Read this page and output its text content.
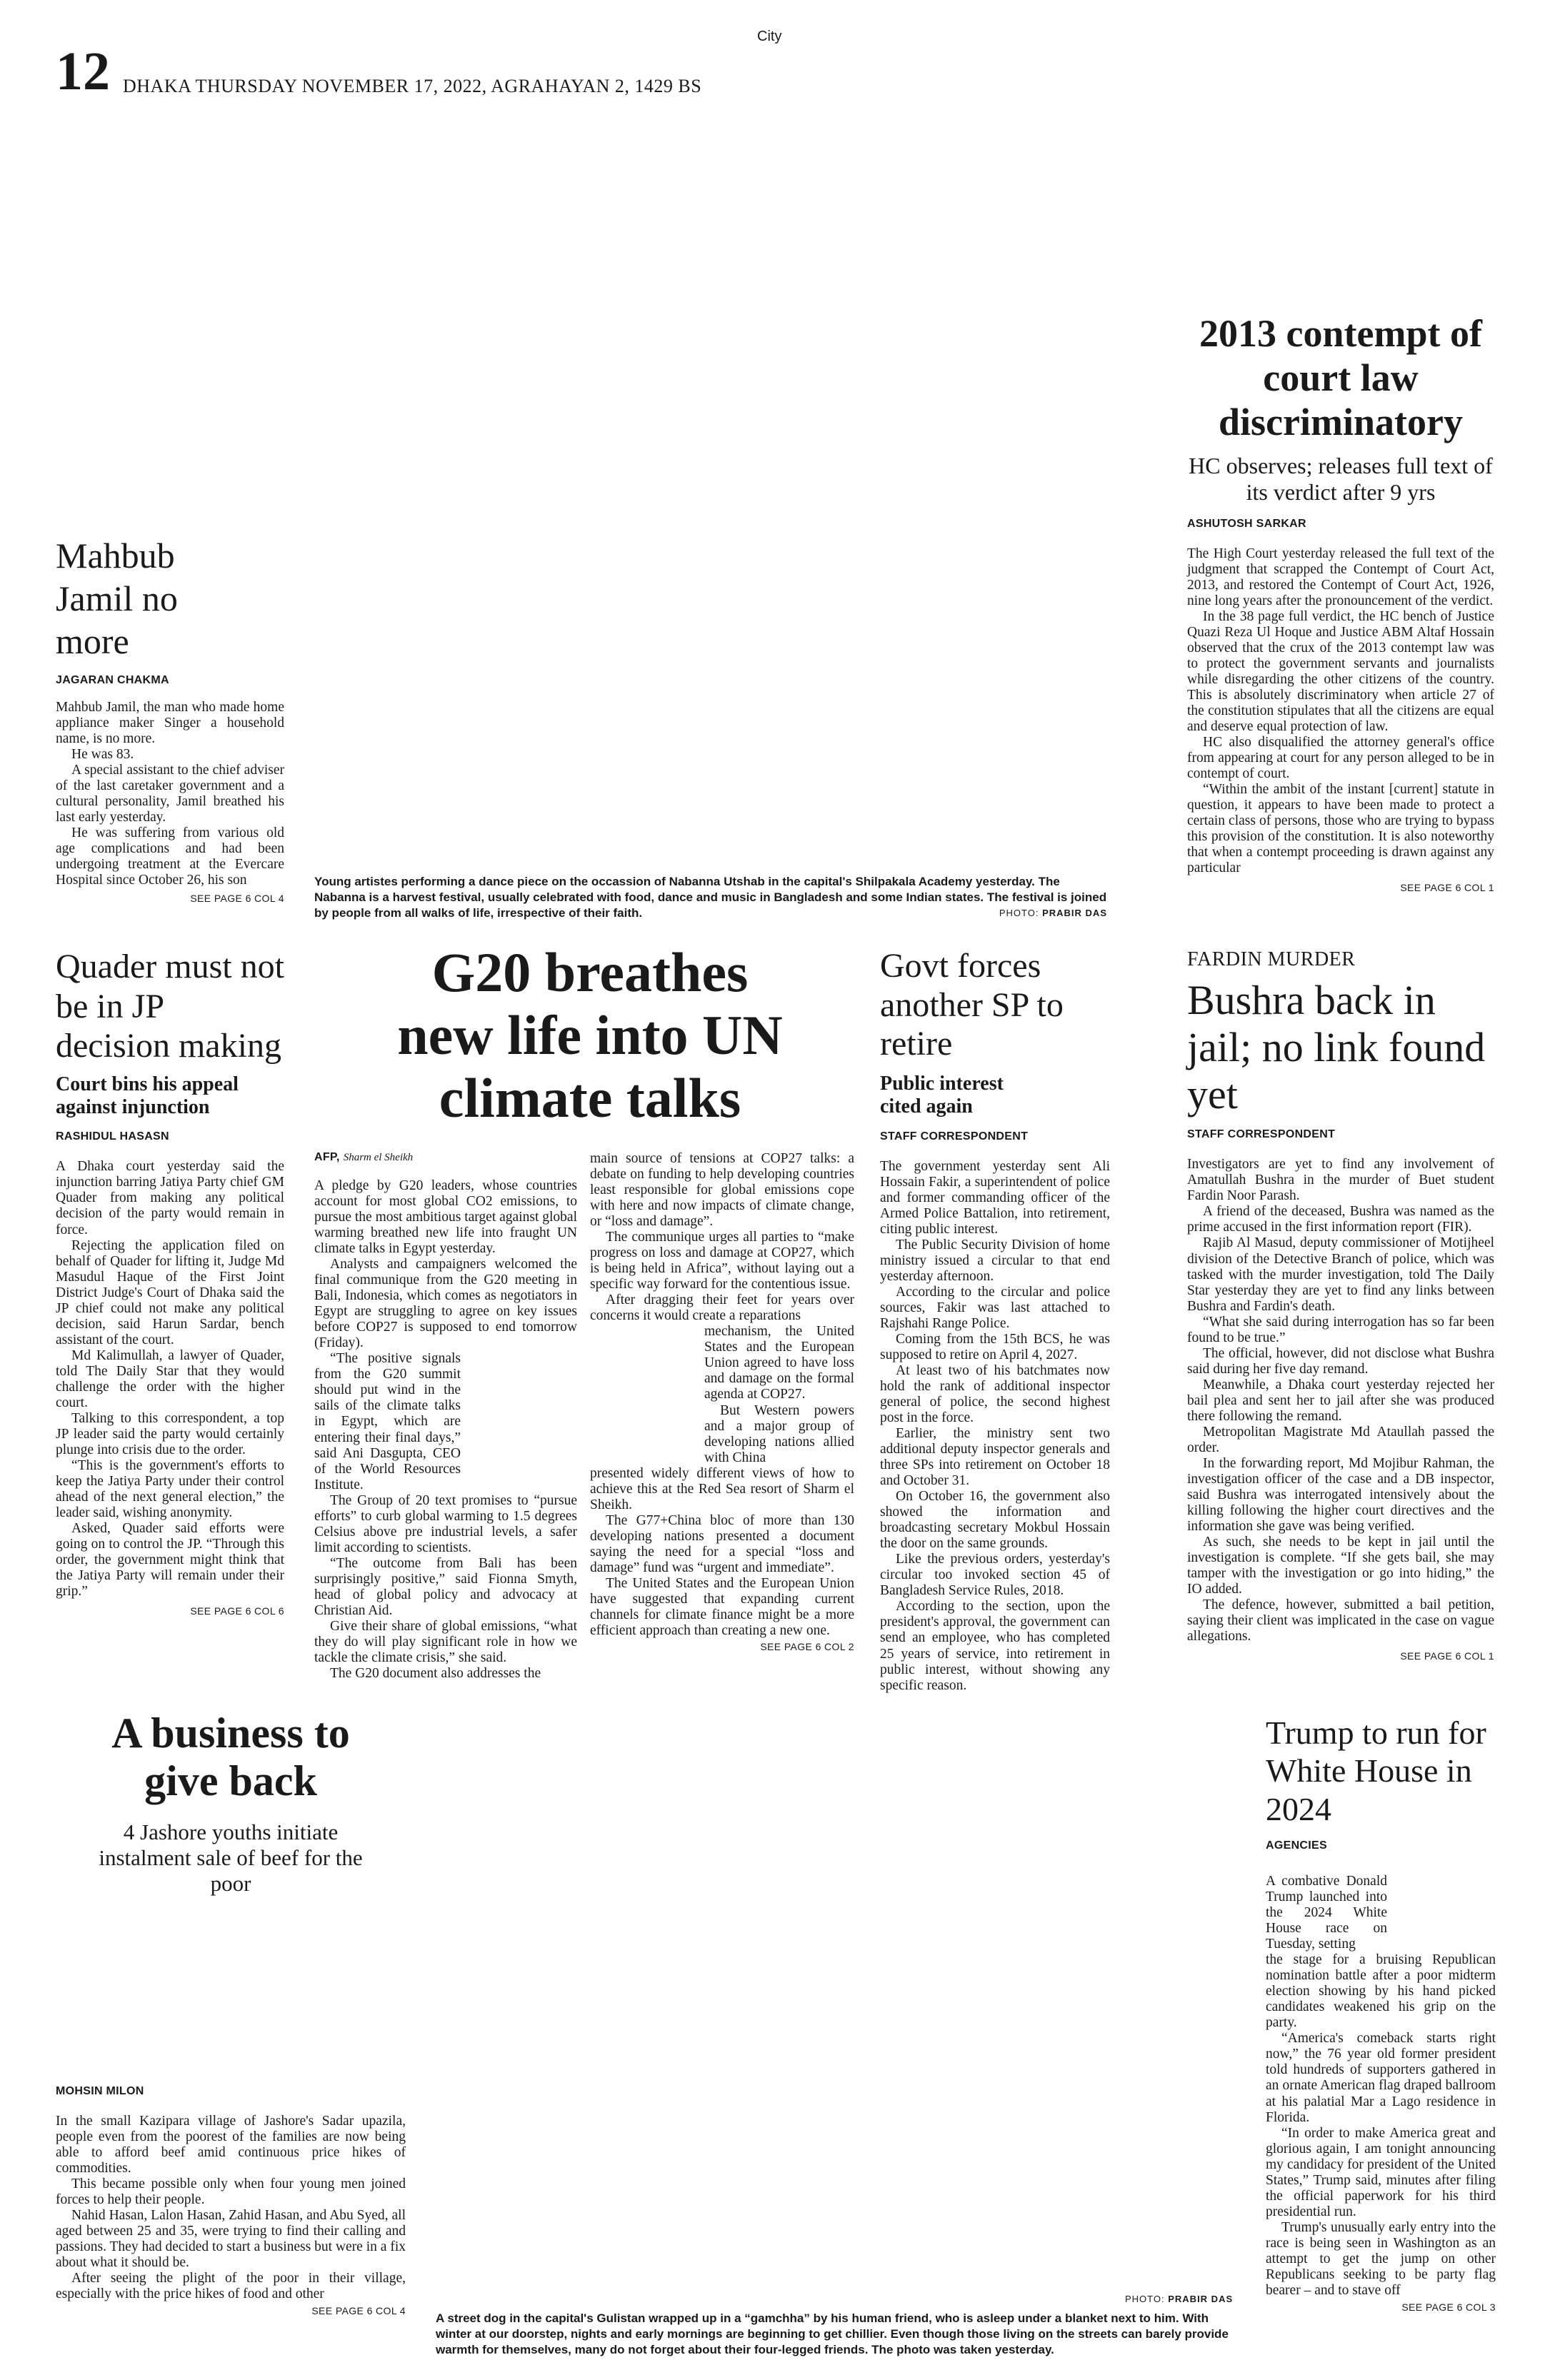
City
12 DHAKA THURSDAY NOVEMBER 17, 2022, AGRAHAYAN 2, 1429 BS
Mahbub Jamil no more
JAGARAN CHAKMA

Mahbub Jamil, the man who made home appliance maker Singer a household name, is no more.

He was 83.

A special assistant to the chief adviser of the last caretaker government and a cultural personality, Jamil breathed his last early yesterday.

He was suffering from various old age complications and had been undergoing treatment at the Evercare Hospital since October 26, his son

SEE PAGE 6 COL 4
Young artistes performing a dance piece on the occassion of Nabanna Utshab in the capital's Shilpakala Academy yesterday. The Nabanna is a harvest festival, usually celebrated with food, dance and music in Bangladesh and some Indian states. The festival is joined by people from all walks of life, irrespective of their faith.	PHOTO: PRABIR DAS
2013 contempt of court law discriminatory
HC observes; releases full text of its verdict after 9 yrs
ASHUTOSH SARKAR

The High Court yesterday released the full text of the judgment that scrapped the Contempt of Court Act, 2013, and restored the Contempt of Court Act, 1926, nine long years after the pronouncement of the verdict.

In the 38 page full verdict, the HC bench of Justice Quazi Reza Ul Hoque and Justice ABM Altaf Hossain observed that the crux of the 2013 contempt law was to protect the government servants and journalists while disregarding the other citizens of the country. This is absolutely discriminatory when article 27 of the constitution stipulates that all the citizens are equal and deserve equal protection of law.

HC also disqualified the attorney general's office from appearing at court for any person alleged to be in contempt of court.

“Within the ambit of the instant [current] statute in question, it appears to have been made to protect a certain class of persons, those who are trying to bypass this provision of the constitution. It is also noteworthy that when a contempt proceeding is drawn against any particular

SEE PAGE 6 COL 1
Quader must not be in JP decision making
Court bins his appeal against injunction
RASHIDUL HASASN

A Dhaka court yesterday said the injunction barring Jatiya Party chief GM Quader from making any political decision of the party would remain in force.

Rejecting the application filed on behalf of Quader for lifting it, Judge Md Masudul Haque of the First Joint District Judge's Court of Dhaka said the JP chief could not make any political decision, said Harun Sardar, bench assistant of the court.

Md Kalimullah, a lawyer of Quader, told The Daily Star that they would challenge the order with the higher court.

Talking to this correspondent, a top JP leader said the party would certainly plunge into crisis due to the order.

“This is the government's efforts to keep the Jatiya Party under their control ahead of the next general election,” the leader said, wishing anonymity.

Asked, Quader said efforts were going on to control the JP. “Through this order, the government might think that the Jatiya Party will remain under their grip.”

SEE PAGE 6 COL 6
G20 breathes new life into UN climate talks
AFP, Sharm el Sheikh

A pledge by G20 leaders, whose countries account for most global CO2 emissions, to pursue the most ambitious target against global warming breathed new life into fraught UN climate talks in Egypt yesterday.

Analysts and campaigners welcomed the final communique from the G20 meeting in Bali, Indonesia, which comes as negotiators in Egypt are struggling to agree on key issues before COP27 is supposed to end tomorrow (Friday).

“The positive signals from the G20 summit should put wind in the sails of the climate talks in Egypt, which are entering their final days,” said Ani Dasgupta, CEO of the World Resources Institute.

The Group of 20 text promises to “pursue efforts” to curb global warming to 1.5 degrees Celsius above pre industrial levels, a safer limit according to scientists.

“The outcome from Bali has been surprisingly positive,” said Fionna Smyth, head of global policy and advocacy at Christian Aid.

Give their share of global emissions, “what they do will play significant role in how we tackle the climate crisis,” she said.

The G20 document also addresses the

main source of tensions at COP27 talks: a debate on funding to help developing countries least responsible for global emissions cope with here and now impacts of climate change, or “loss and damage”.

The communique urges all parties to “make progress on loss and damage at COP27, which is being held in Africa”, without laying out a specific way forward for the contentious issue.

After dragging their feet for years over concerns it would create a reparations

mechanism, the United States and the European Union agreed to have loss and damage on the formal agenda at COP27.

But Western powers and a major group of developing nations allied with China

presented widely different views of how to achieve this at the Red Sea resort of Sharm el Sheikh.

The G77+China bloc of more than 130 developing nations presented a document saying the need for a special “loss and damage” fund was “urgent and immediate”.

The United States and the European Union have suggested that expanding current channels for climate finance might be a more efficient approach than creating a new one.

SEE PAGE 6 COL 2
Govt forces another SP to retire
Public interest cited again
STAFF CORRESPONDENT

The government yesterday sent Ali Hossain Fakir, a superintendent of police and former commanding officer of the Armed Police Battalion, into retirement, citing public interest.

The Public Security Division of home ministry issued a circular to that end yesterday afternoon.

According to the circular and police sources, Fakir was last attached to Rajshahi Range Police.

Coming from the 15th BCS, he was supposed to retire on April 4, 2027.

At least two of his batchmates now hold the rank of additional inspector general of police, the second highest post in the force.

Earlier, the ministry sent two additional deputy inspector generals and three SPs into retirement on October 18 and October 31.

On October 16, the government also showed the information and broadcasting secretary Mokbul Hossain the door on the same grounds.

Like the previous orders, yesterday's circular too invoked section 45 of Bangladesh Service Rules, 2018.

According to the section, upon the president's approval, the government can send an employee, who has completed 25 years of service, into retirement in public interest, without showing any specific reason.

FARDIN MURDER
Bushra back in jail; no link found yet
STAFF CORRESPONDENT

Investigators are yet to find any involvement of Amatullah Bushra in the murder of Buet student Fardin Noor Parash.

A friend of the deceased, Bushra was named as the prime accused in the first information report (FIR).

Rajib Al Masud, deputy commissioner of Motijheel division of the Detective Branch of police, which was tasked with the murder investigation, told The Daily Star yesterday they are yet to find any links between Bushra and Fardin's death.

“What she said during interrogation has so far been found to be true.”

The official, however, did not disclose what Bushra said during her five day remand.

Meanwhile, a Dhaka court yesterday rejected her bail plea and sent her to jail after she was produced there following the remand.

Metropolitan Magistrate Md Ataullah passed the order.

In the forwarding report, Md Mojibur Rahman, the investigation officer of the case and a DB inspector, said Bushra was interrogated intensively about the killing following the higher court directives and the information she gave was being verified.

As such, she needs to be kept in jail until the investigation is complete. “If she gets bail, she may tamper with the investigation or go into hiding,” the IO added.

The defence, however, submitted a bail petition, saying their client was implicated in the case on vague allegations.

SEE PAGE 6 COL 1
A business to give back
4 Jashore youths initiate instalment sale of beef for the poor
MOHSIN MILON

In the small Kazipara village of Jashore's Sadar upazila, people even from the poorest of the families are now being able to afford beef amid continuous price hikes of commodities.

This became possible only when four young men joined forces to help their people.

Nahid Hasan, Lalon Hasan, Zahid Hasan, and Abu Syed, all aged between 25 and 35, were trying to find their calling and passions. They had decided to start a business but were in a fix about what it should be.

After seeing the plight of the poor in their village, especially with the price hikes of food and other

SEE PAGE 6 COL 4
PHOTO: PRABIR DAS
A street dog in the capital's Gulistan wrapped up in a “gamchha” by his human friend, who is asleep under a blanket next to him. With winter at our doorstep, nights and early mornings are beginning to get chillier. Even though those living on the streets can barely provide warmth for themselves, many do not forget about their four-legged friends. The photo was taken yesterday.
Trump to run for White House in 2024
AGENCIES

A combative Donald Trump launched into the 2024 White House race on Tuesday, setting

the stage for a bruising Republican nomination battle after a poor midterm election showing by his hand picked candidates weakened his grip on the party.

“America's comeback starts right now,” the 76 year old former president told hundreds of supporters gathered in an ornate American flag draped ballroom at his palatial Mar a Lago residence in Florida.

“In order to make America great and glorious again, I am tonight announcing my candidacy for president of the United States,” Trump said, minutes after filing the official paperwork for his third presidential run.

Trump's unusually early entry into the race is being seen in Washington as an attempt to get the jump on other Republicans seeking to be party flag bearer – and to stave off

SEE PAGE 6 COL 3
